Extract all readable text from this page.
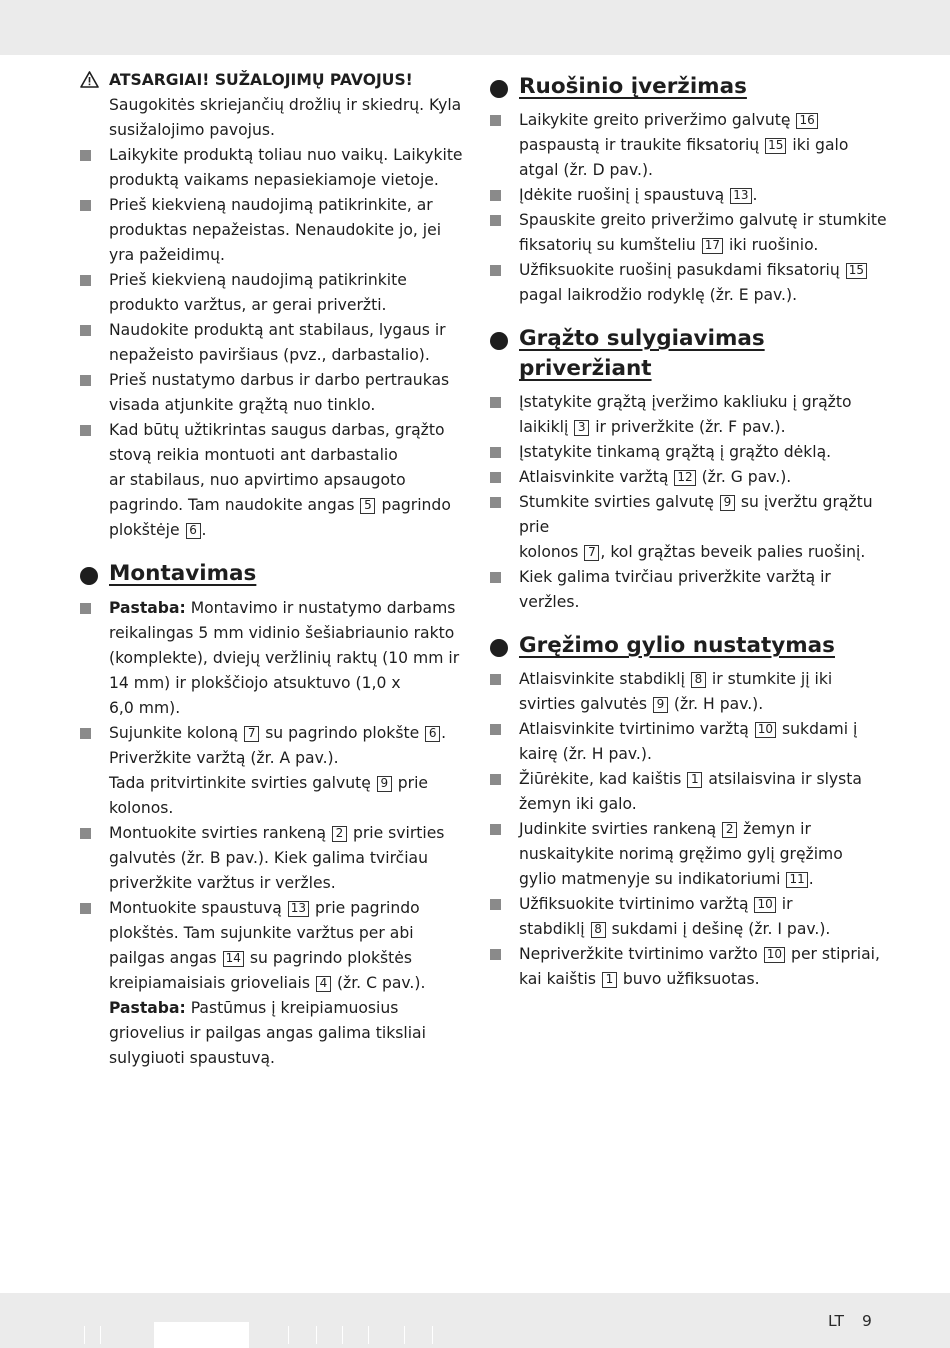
ATSARGIAI! SUŽALOJIMŲ PAVOJUS!
Saugokitės skriejančių drožlių ir skiedrų. Kyla
susižalojimo pavojus.
Laikykite produktą toliau nuo vaikų. Laikykite
produktą vaikams nepasiekiamoje vietoje.
Prieš kiekvieną naudojimą patikrinkite, ar
produktas nepažeistas. Nenaudokite jo, jei
yra pažeidimų.
Prieš kiekvieną naudojimą patikrinkite
produkto varžtus, ar gerai priveržti.
Naudokite produktą ant stabilaus, lygaus ir
nepažeisto paviršiaus (pvz., darbastalio).
Prieš nustatymo darbus ir darbo pertraukas
visada atjunkite grąžtą nuo tinklo.
Kad būtų užtikrintas saugus darbas, grąžto
stovą reikia montuoti ant darbastalio
ar stabilaus, nuo apvirtimo apsaugoto
pagrindo. Tam naudokite angas 5 pagrindo
plokštėje 6 .
Montavimas
Pastaba: Montavimo ir nustatymo darbams
reikalingas 5 mm vidinio šešiabriaunio rakto
(komplekte), dviejų veržlinių raktų (10 mm ir
14 mm) ir plokščiojo atsuktuvo (1,0 x
6,0 mm).
Sujunkite koloną 7 su pagrindo plokšte 6 .
Priveržkite varžtą (žr. A pav.).
Tada pritvirtinkite svirties galvutę 9 prie
kolonos.
Montuokite svirties rankeną 2 prie svirties
galvutės (žr. B pav.). Kiek galima tvirčiau
priveržkite varžtus ir veržles.
Montuokite spaustuvą 13 prie pagrindo
plokštės. Tam sujunkite varžtus per abi
pailgas angas 14 su pagrindo plokštės
kreipiamaisiais grioveliais 4 (žr. C pav.).
Pastaba: Pastūmus į kreipiamuosius
griovelius ir pailgas angas galima tiksliai
sulygiuoti spaustuvą.
Ruošinio įveržimas
Laikykite greito priveržimo galvutę 16
paspaustą ir traukite fiksatorių 15 iki galo
atgal (žr. D pav.).
Įdėkite ruošinį į spaustuvą 13 .
Spauskite greito priveržimo galvutę ir stumkite
fiksatorių su kumšteliu 17 iki ruošinio.
Užfiksuokite ruošinį pasukdami fiksatorių 15
pagal laikrodžio rodyklę (žr. E pav.).
Grąžto sulygiavimas
priveržiant
Įstatykite grąžtą įveržimo kakliuku į grąžto
laikiklį 3 ir priveržkite (žr. F pav.).
Įstatykite tinkamą grąžtą į grąžto dėklą.
Atlaisvinkite varžtą 12 (žr. G pav.).
Stumkite svirties galvutę 9 su įveržtu grąžtu
prie
kolonos 7 , kol grąžtas beveik palies ruošinį.
Kiek galima tvirčiau priveržkite varžtą ir
veržles.
Gręžimo gylio nustatymas
Atlaisvinkite stabdiklį 8 ir stumkite jį iki
svirties galvutės 9 (žr. H pav.).
Atlaisvinkite tvirtinimo varžtą 10 sukdami į
kairę (žr. H pav.).
Žiūrėkite, kad kaištis 1 atsilaisvina ir slysta
žemyn iki galo.
Judinkite svirties rankeną 2 žemyn ir
nuskaitykite norimą gręžimo gylį gręžimo
gylio matmenyje su indikatoriumi 11 .
Užfiksuokite tvirtinimo varžtą 10 ir
stabdiklį 8 sukdami į dešinę (žr. I pav.).
Nepriveržkite tvirtinimo varžto 10 per stipriai,
kai kaištis 1 buvo užfiksuotas.
LT 9
